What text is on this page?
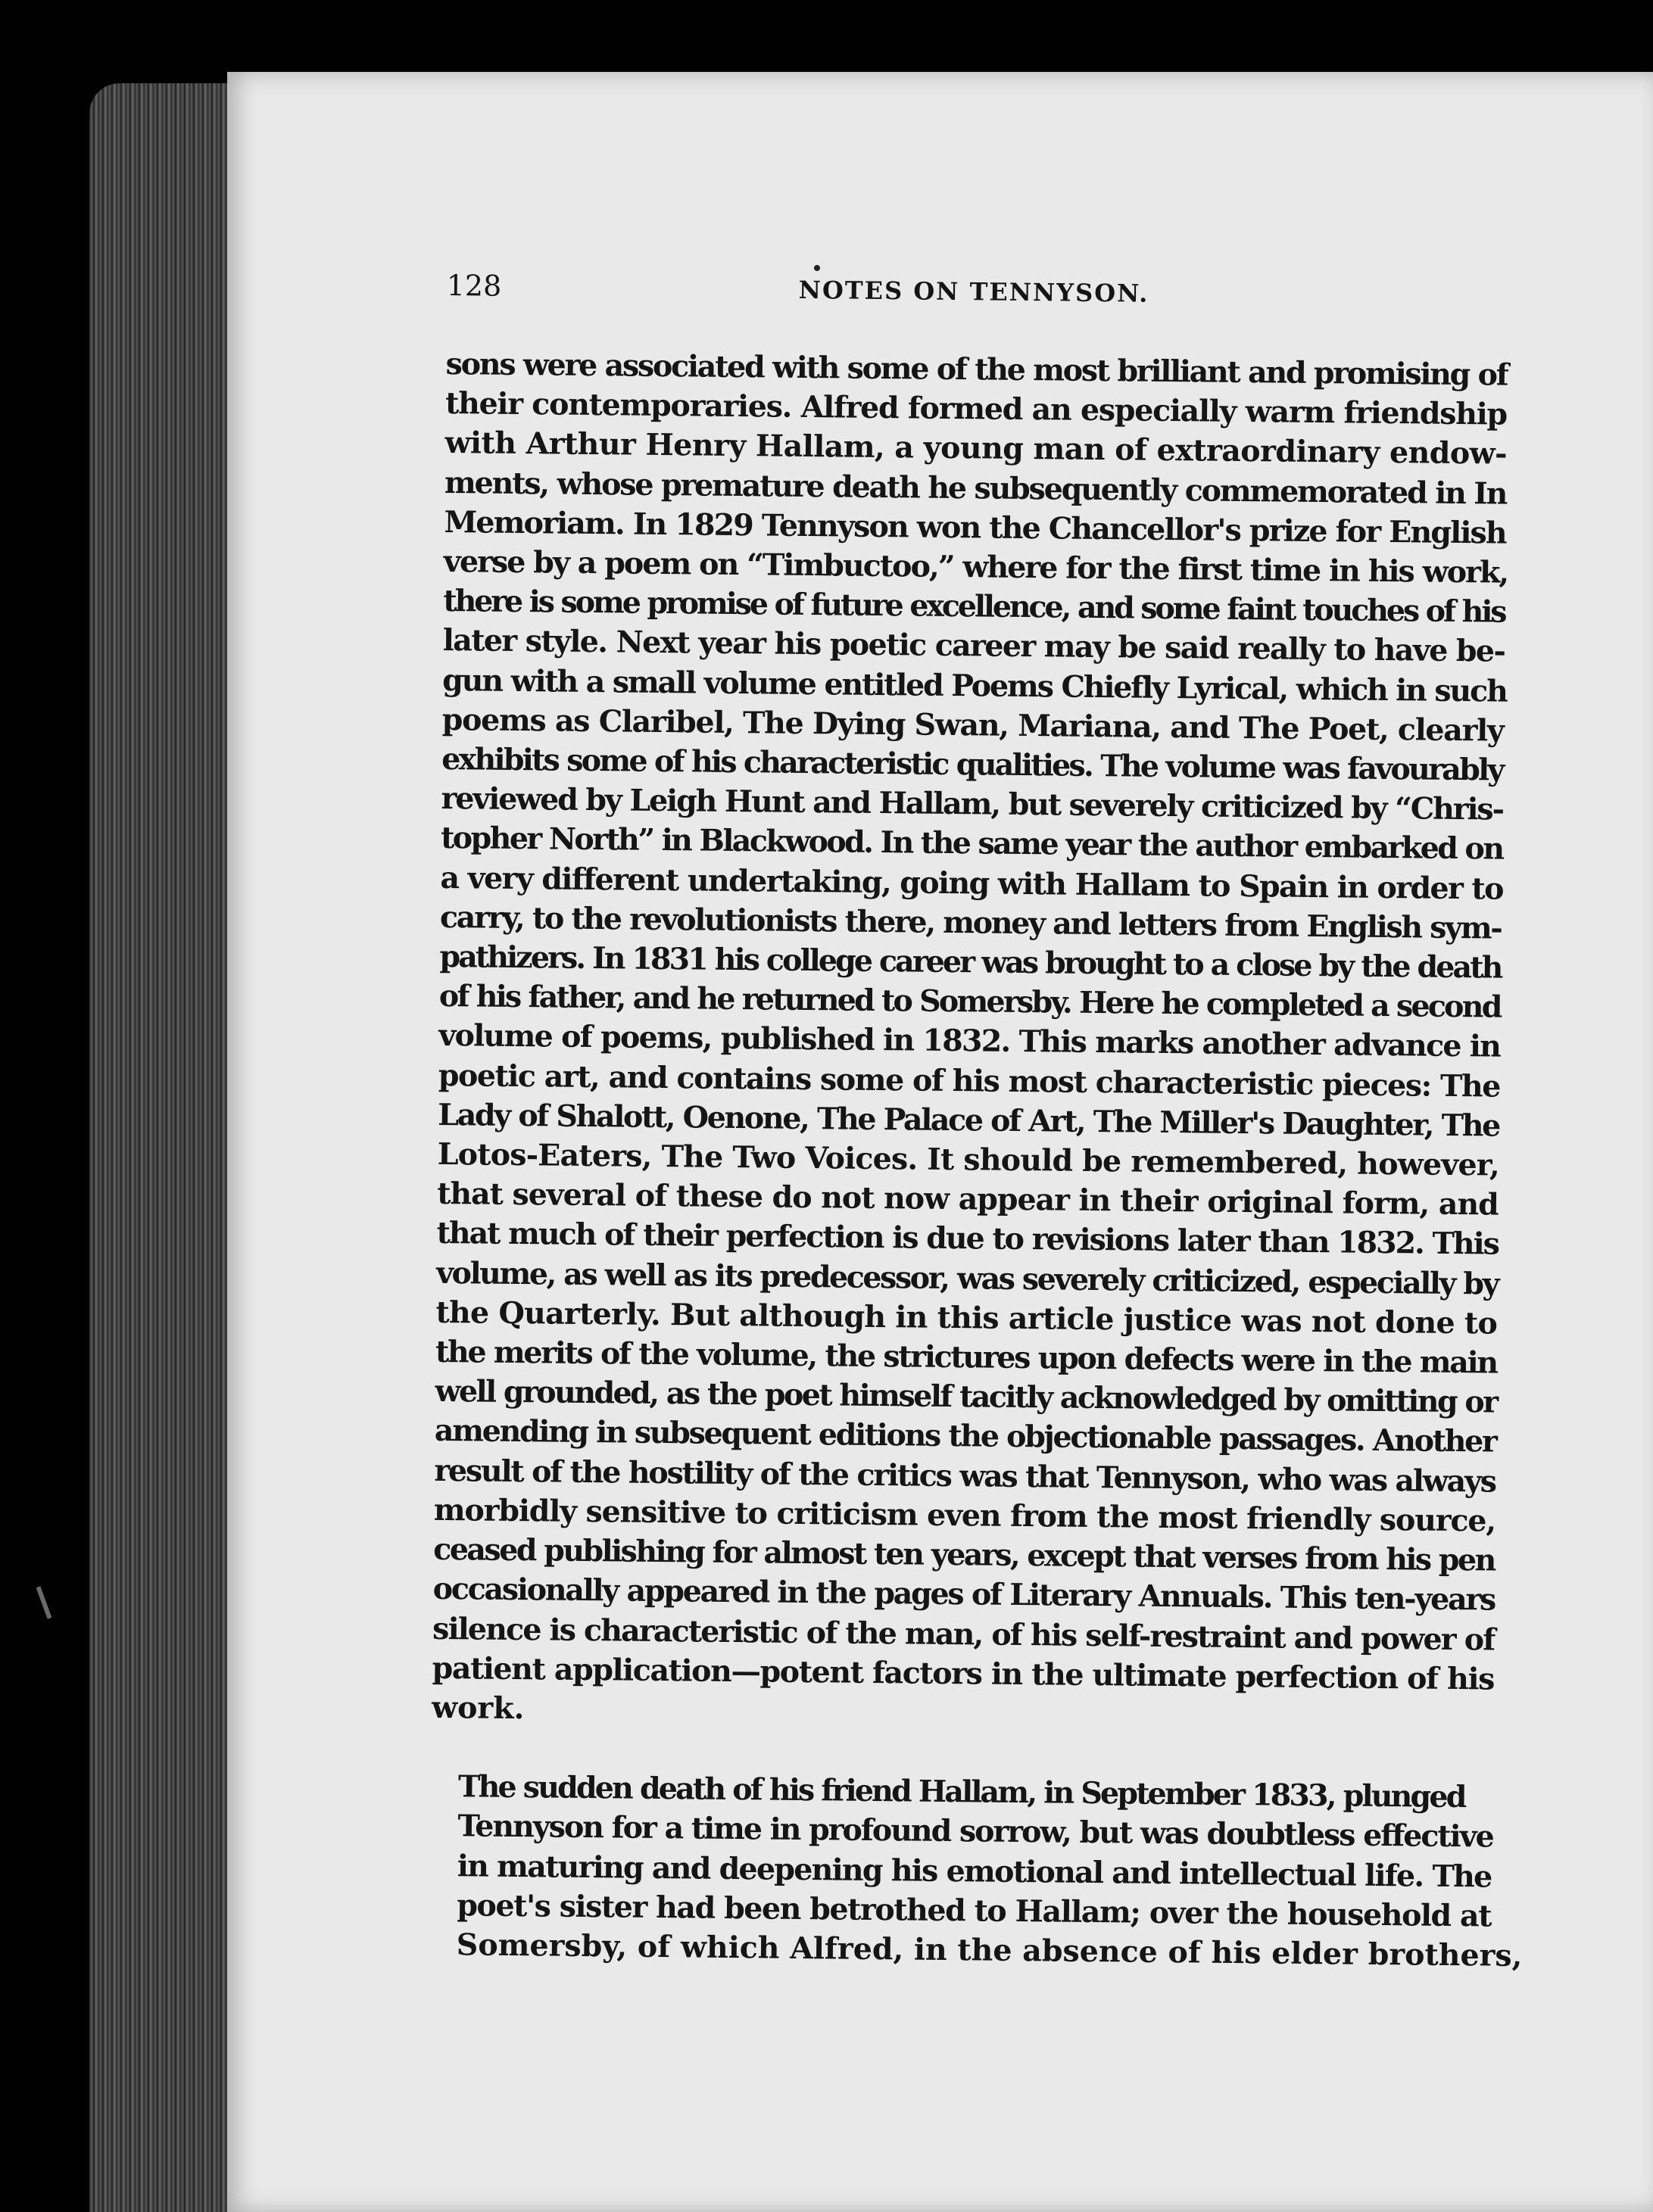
128	NOTES ON TENNYSON.

sons were associated with some of the most brilliant and promising of
their contemporaries. Alfred formed an especially warm friendship
with Arthur Henry Hallam, a young man of extraordinary endow-
ments, whose premature death he subsequently commemorated in In
Memoriam. In 1829 Tennyson won the Chancellor's prize for English
verse by a poem on “Timbuctoo,” where for the first time in his work,
there is some promise of future excellence, and some faint touches of his
later style. Next year his poetic career may be said really to have be-
gun with a small volume entitled Poems Chiefly Lyrical, which in such
poems as Claribel, The Dying Swan, Mariana, and The Poet, clearly
exhibits some of his characteristic qualities. The volume was favourably
reviewed by Leigh Hunt and Hallam, but severely criticized by “Chris-
topher North” in Blackwood. In the same year the author embarked on
a very different undertaking, going with Hallam to Spain in order to
carry, to the revolutionists there, money and letters from English sym-
pathizers. In 1831 his college career was brought to a close by the death
of his father, and he returned to Somersby. Here he completed a second
volume of poems, published in 1832. This marks another advance in
poetic art, and contains some of his most characteristic pieces: The
Lady of Shalott, Oenone, The Palace of Art, The Miller's Daughter, The
Lotos-Eaters, The Two Voices. It should be remembered, however,
that several of these do not now appear in their original form, and
that much of their perfection is due to revisions later than 1832. This
volume, as well as its predecessor, was severely criticized, especially by
the Quarterly. But although in this article justice was not done to
the merits of the volume, the strictures upon defects were in the main
well grounded, as the poet himself tacitly acknowledged by omitting or
amending in subsequent editions the objectionable passages. Another
result of the hostility of the critics was that Tennyson, who was always
morbidly sensitive to criticism even from the most friendly source,
ceased publishing for almost ten years, except that verses from his pen
occasionally appeared in the pages of Literary Annuals. This ten-years
silence is characteristic of the man, of his self-restraint and power of
patient application—potent factors in the ultimate perfection of his
work.

The sudden death of his friend Hallam, in September 1833, plunged
Tennyson for a time in profound sorrow, but was doubtless effective
in maturing and deepening his emotional and intellectual life. The
poet's sister had been betrothed to Hallam; over the household at
Somersby, of which Alfred, in the absence of his elder brothers,
